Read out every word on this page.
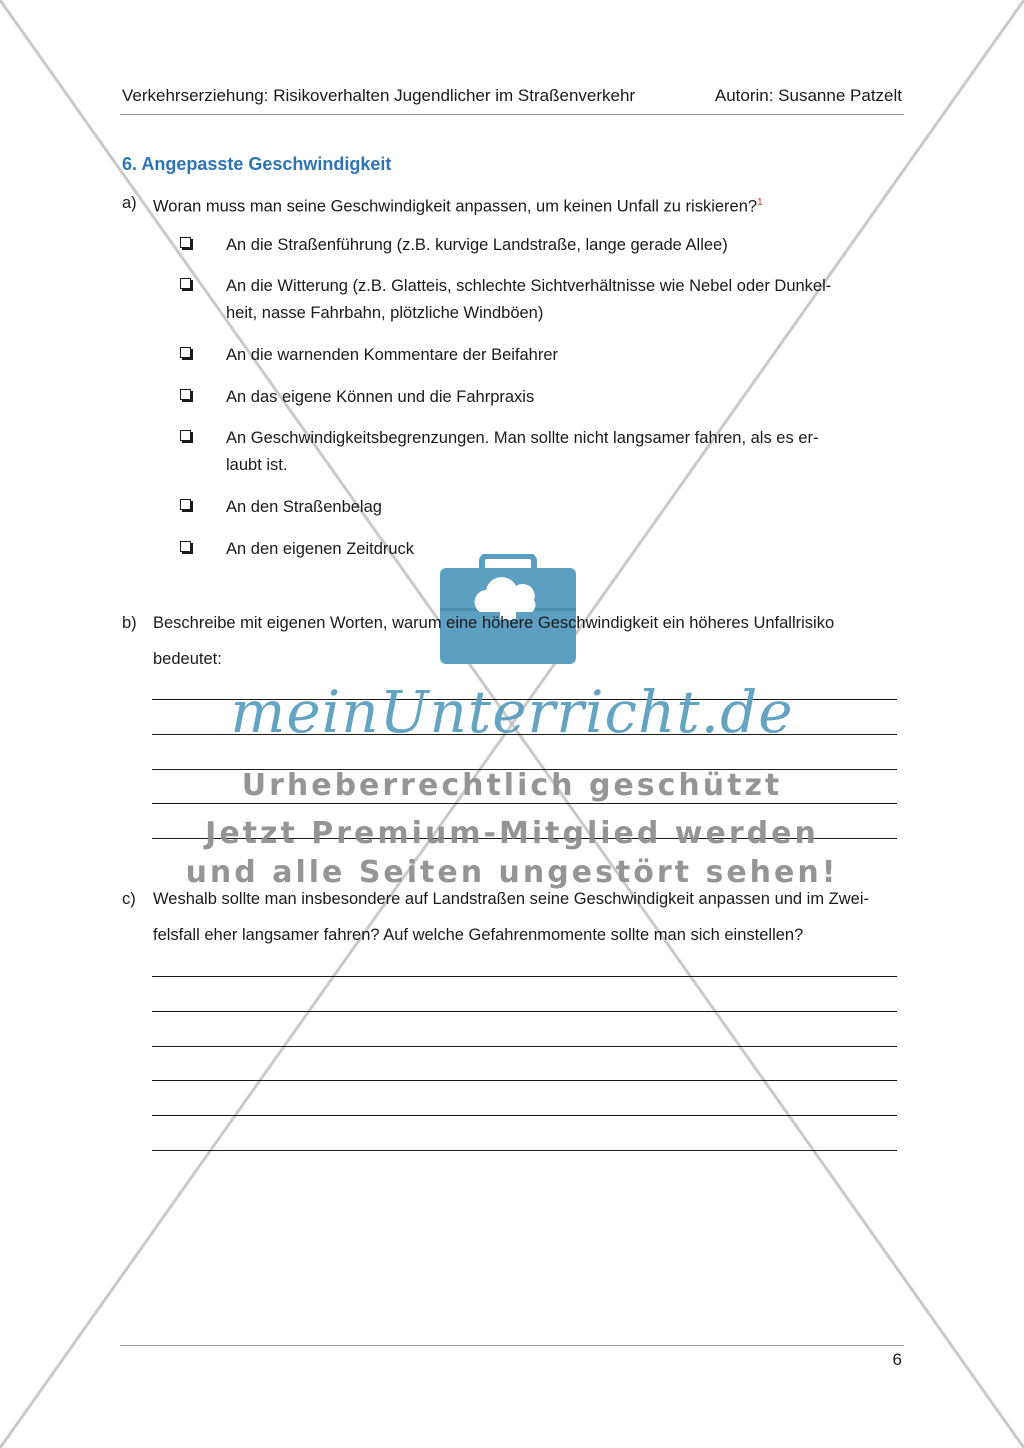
Verkehrserziehung: Risikoverhalten Jugendlicher im Straßenverkehr	Autorin: Susanne Patzelt
6. Angepasste Geschwindigkeit
a) Woran muss man seine Geschwindigkeit anpassen, um keinen Unfall zu riskieren?$^1$
An die Straßenführung (z.B. kurvige Landstraße, lange gerade Allee)
An die Witterung (z.B. Glatteis, schlechte Sichtverhältnisse wie Nebel oder Dunkel-
heit, nasse Fahrbahn, plötzliche Windböen)
An die warnenden Kommentare der Beifahrer
An das eigene Können und die Fahrpraxis
An Geschwindigkeitsbegrenzungen. Man sollte nicht langsamer fahren, als es er-
laubt ist.
An den Straßenbelag
An den eigenen Zeitdruck
b) Beschreibe mit eigenen Worten, warum eine höhere Geschwindigkeit ein höheres Unfallrisiko
bedeutet:
meinUnterricht.de
Urheberrechtlich geschützt
Jetzt Premium-Mitglied werden
und alle Seiten ungestört sehen!
c) Weshalb sollte man insbesondere auf Landstraßen seine Geschwindigkeit anpassen und im Zwei-
felsfall eher langsamer fahren? Auf welche Gefahrenmomente sollte man sich einstellen?
6
